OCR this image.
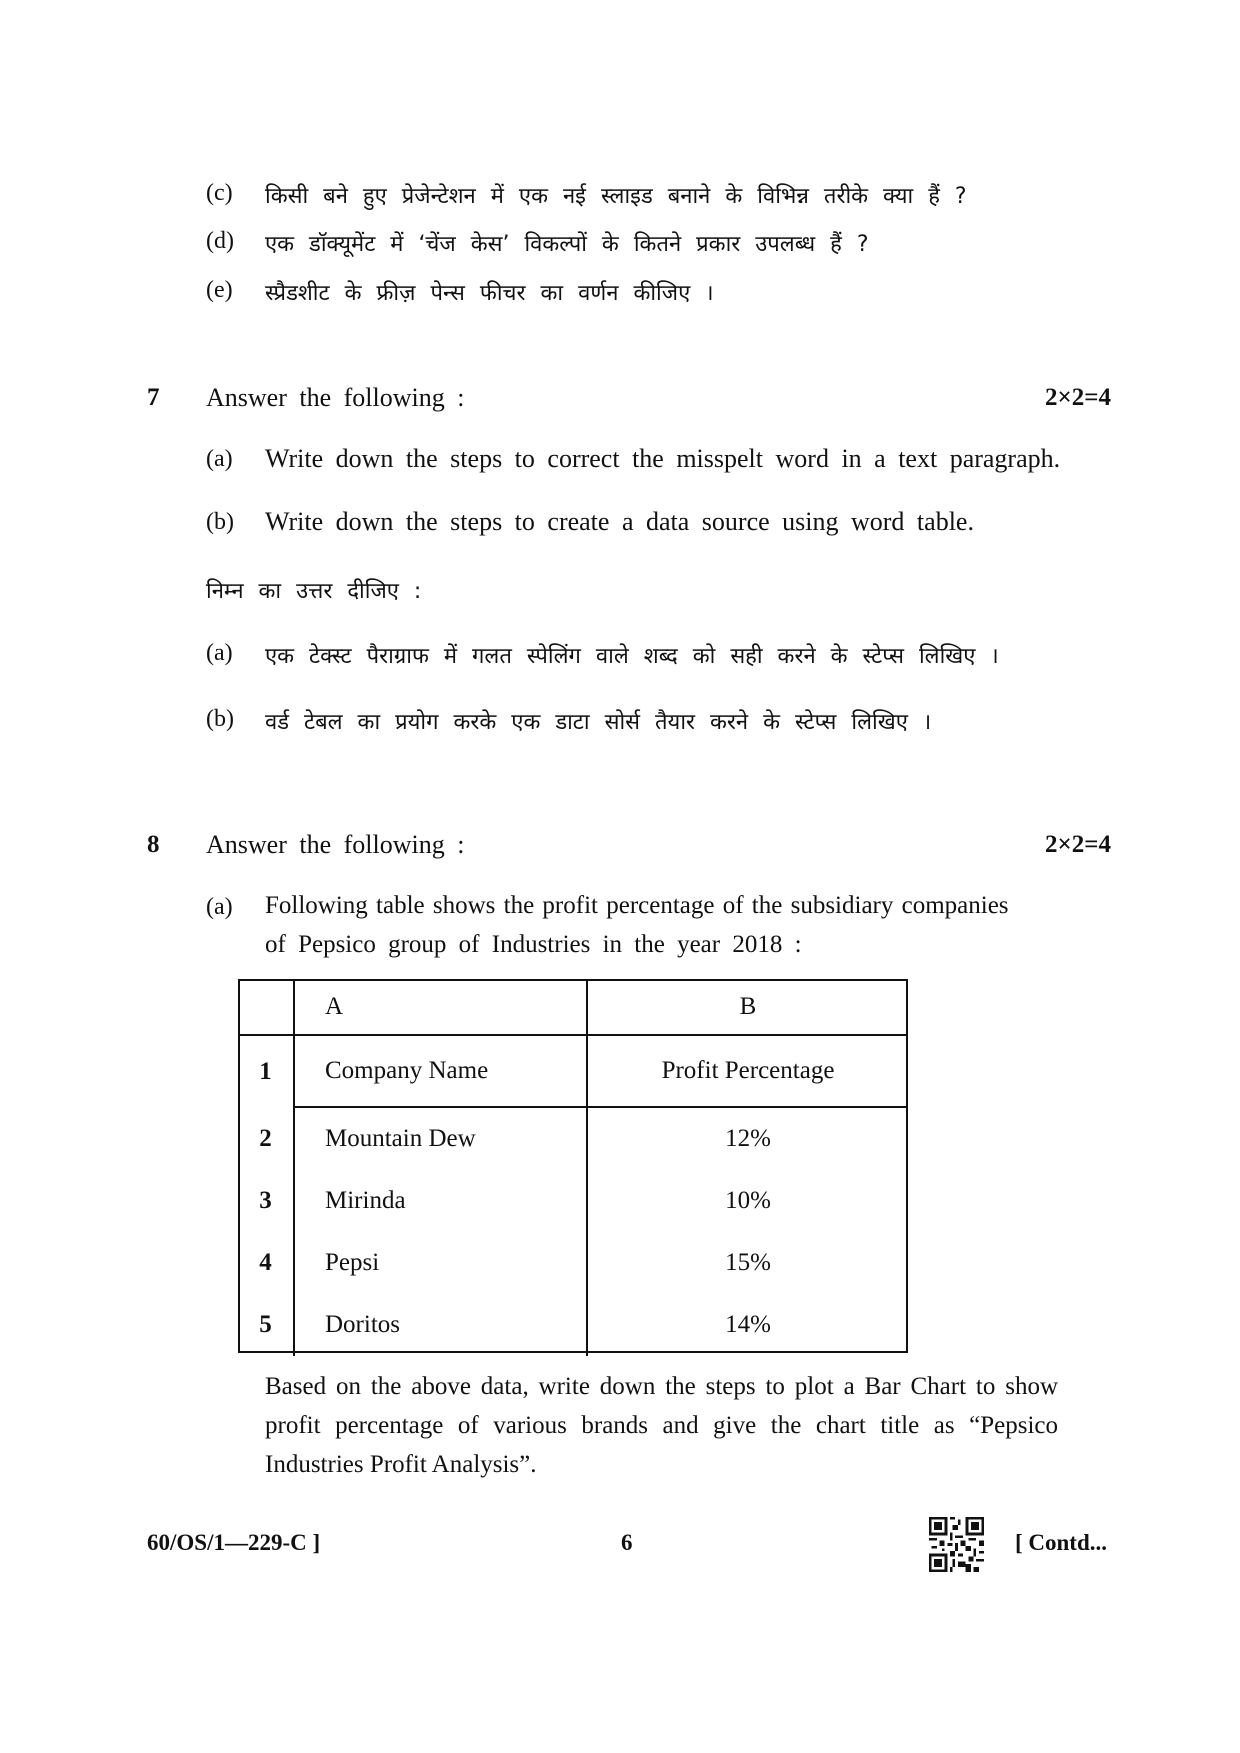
(c) किसी बने हुए प्रेजेन्टेशन में एक नई स्लाइड बनाने के विभिन्न तरीके क्या हैं ?
(d) एक डॉक्यूमेंट में ‘चेंज केस’ विकल्पों के कितने प्रकार उपलब्ध हैं ?
(e) स्प्रैडशीट के फ्रीज़ पेन्स फीचर का वर्णन कीजिए ।
7 Answer the following :	2×2=4
(a) Write down the steps to correct the misspelt word in a text paragraph.
(b) Write down the steps to create a data source using word table.
निम्न का उत्तर दीजिए :
(a) एक टेक्स्ट पैराग्राफ में गलत स्पेलिंग वाले शब्द को सही करने के स्टेप्स लिखिए ।
(b) वर्ड टेबल का प्रयोग करके एक डाटा सोर्स तैयार करने के स्टेप्स लिखिए ।
8 Answer the following :	2×2=4
(a) Following table shows the profit percentage of the subsidiary companies
of Pepsico group of Industries in the year 2018 :
	A	B
1	Company Name	Profit Percentage
2	Mountain Dew	12%
3	Mirinda	10%
4	Pepsi	15%
5	Doritos	14%
Based on the above data, write down the steps to plot a Bar Chart to show profit percentage of various brands and give the chart title as “Pepsico Industries Profit Analysis”.
60/OS/1—229-C ]	6	[ Contd...
